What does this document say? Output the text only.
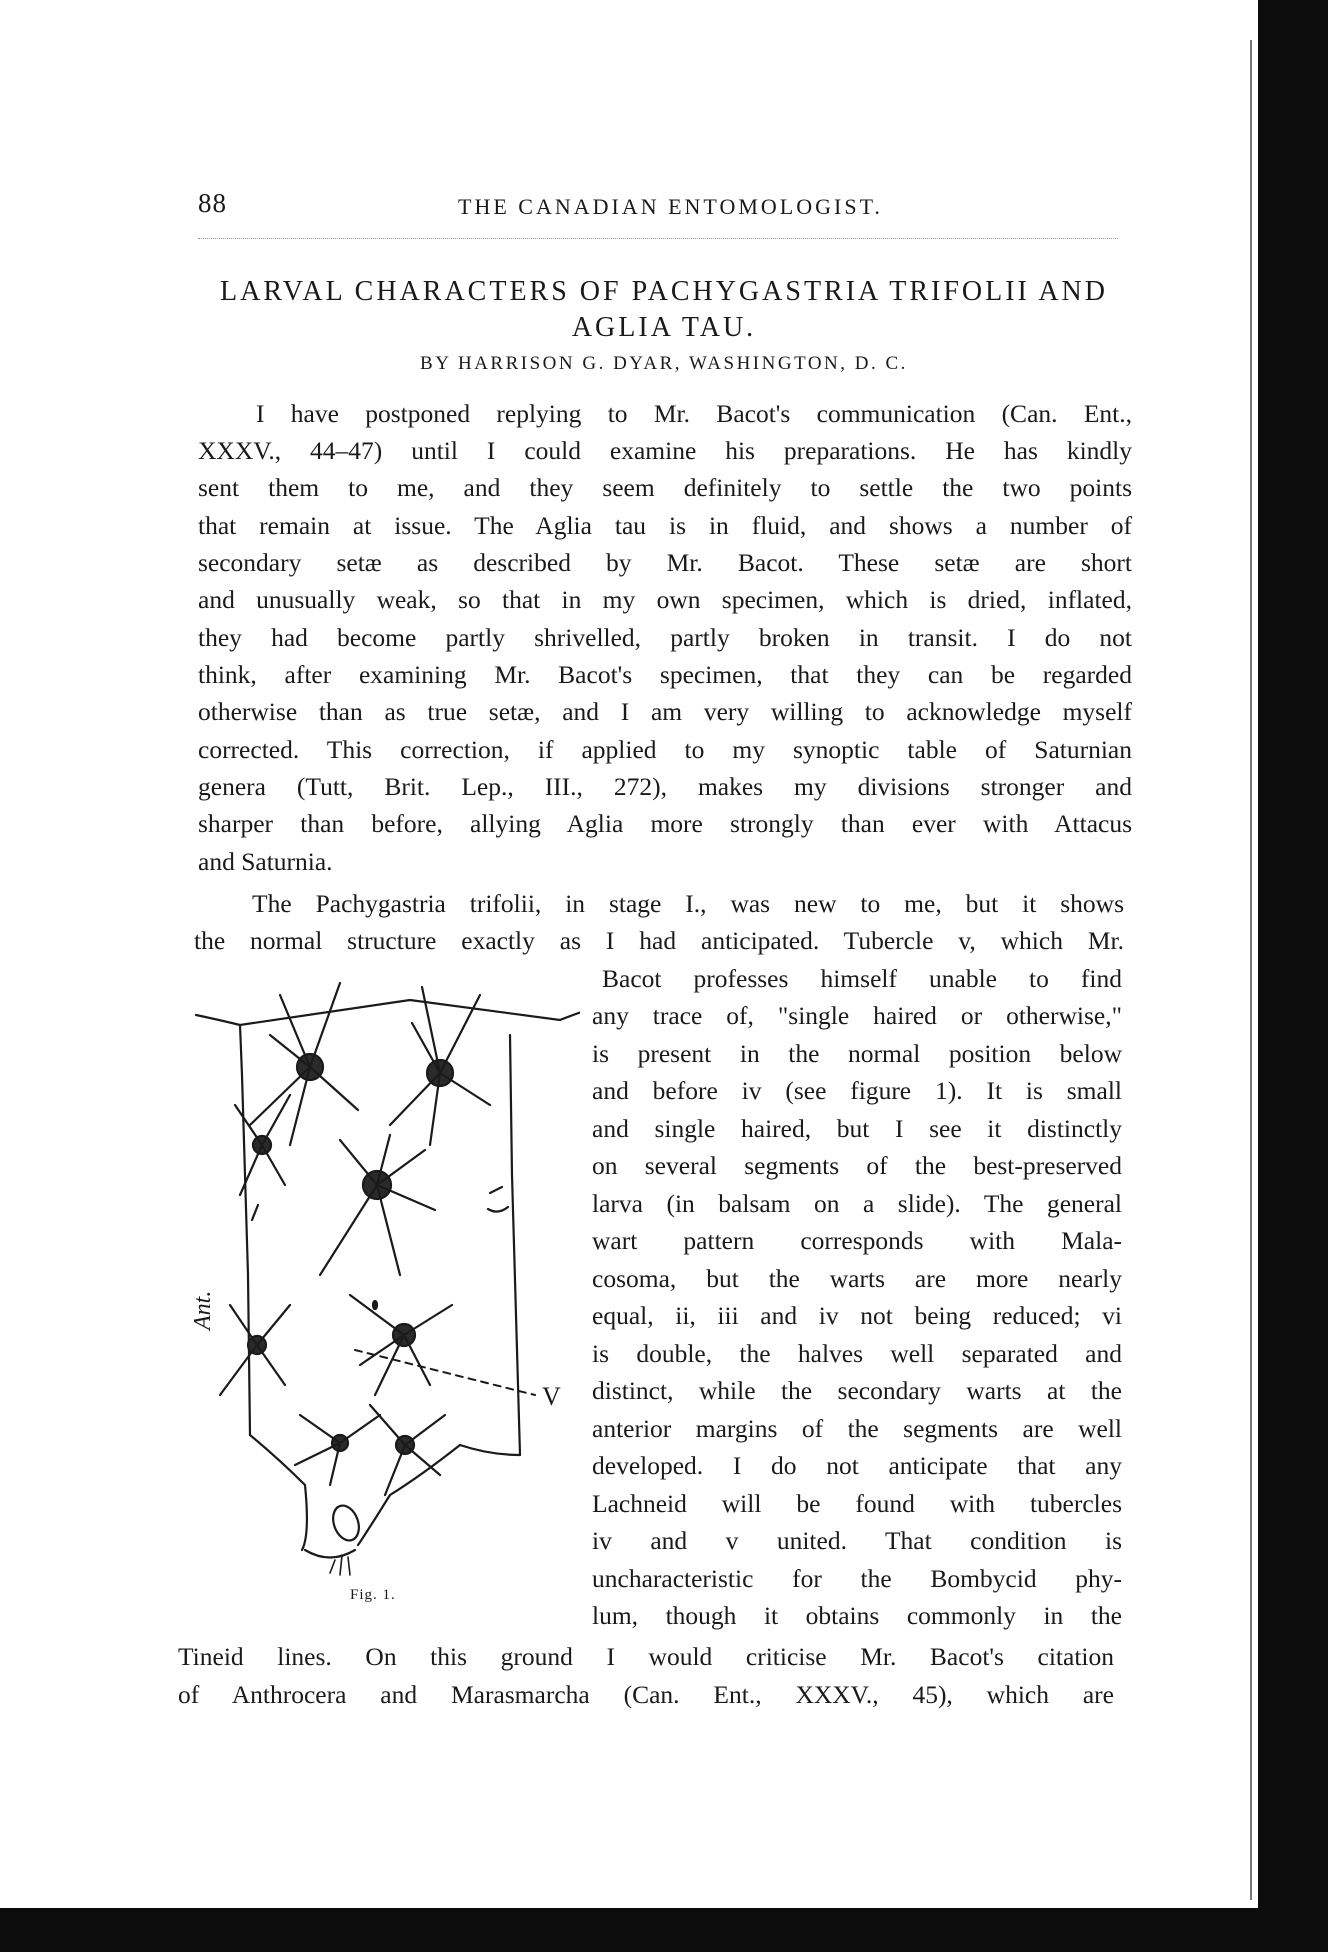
88	THE CANADIAN ENTOMOLOGIST.
LARVAL CHARACTERS OF PACHYGASTRIA TRIFOLII AND
AGLIA TAU.
BY HARRISON G. DYAR, WASHINGTON, D. C.
I have postponed replying to Mr. Bacot's communication (Can. Ent.,
XXXV., 44–47) until I could examine his preparations. He has kindly
sent them to me, and they seem definitely to settle the two points
that remain at issue. The Aglia tau is in fluid, and shows a number of
secondary setæ as described by Mr. Bacot. These setæ are short
and unusually weak, so that in my own specimen, which is dried, inflated,
they had become partly shrivelled, partly broken in transit. I do not
think, after examining Mr. Bacot's specimen, that they can be regarded
otherwise than as true setæ, and I am very willing to acknowledge myself
corrected. This correction, if applied to my synoptic table of Saturnian
genera (Tutt, Brit. Lep., III., 272), makes my divisions stronger and
sharper than before, allying Aglia more strongly than ever with Attacus
and Saturnia.
The Pachygastria trifolii, in stage I., was new to me, but it shows
the normal structure exactly as I had anticipated. Tubercle v, which Mr.
Bacot professes himself unable to find
any trace of, "single haired or otherwise,"
is present in the normal position below
and before iv (see figure 1). It is small
and single haired, but I see it distinctly
on several segments of the best-preserved
larva (in balsam on a slide). The general
wart pattern corresponds with Mala-
cosoma, but the warts are more nearly
equal, ii, iii and iv not being reduced; vi
is double, the halves well separated and
distinct, while the secondary warts at the
anterior margins of the segments are well
developed. I do not anticipate that any
Lachneid will be found with tubercles
iv and v united. That condition is
uncharacteristic for the Bombycid phy-
lum, though it obtains commonly in the
Tineid lines. On this ground I would criticise Mr. Bacot's citation
of Anthrocera and Marasmarcha (Can. Ent., XXXV., 45), which are
V
Ant.
Fig. 1.
